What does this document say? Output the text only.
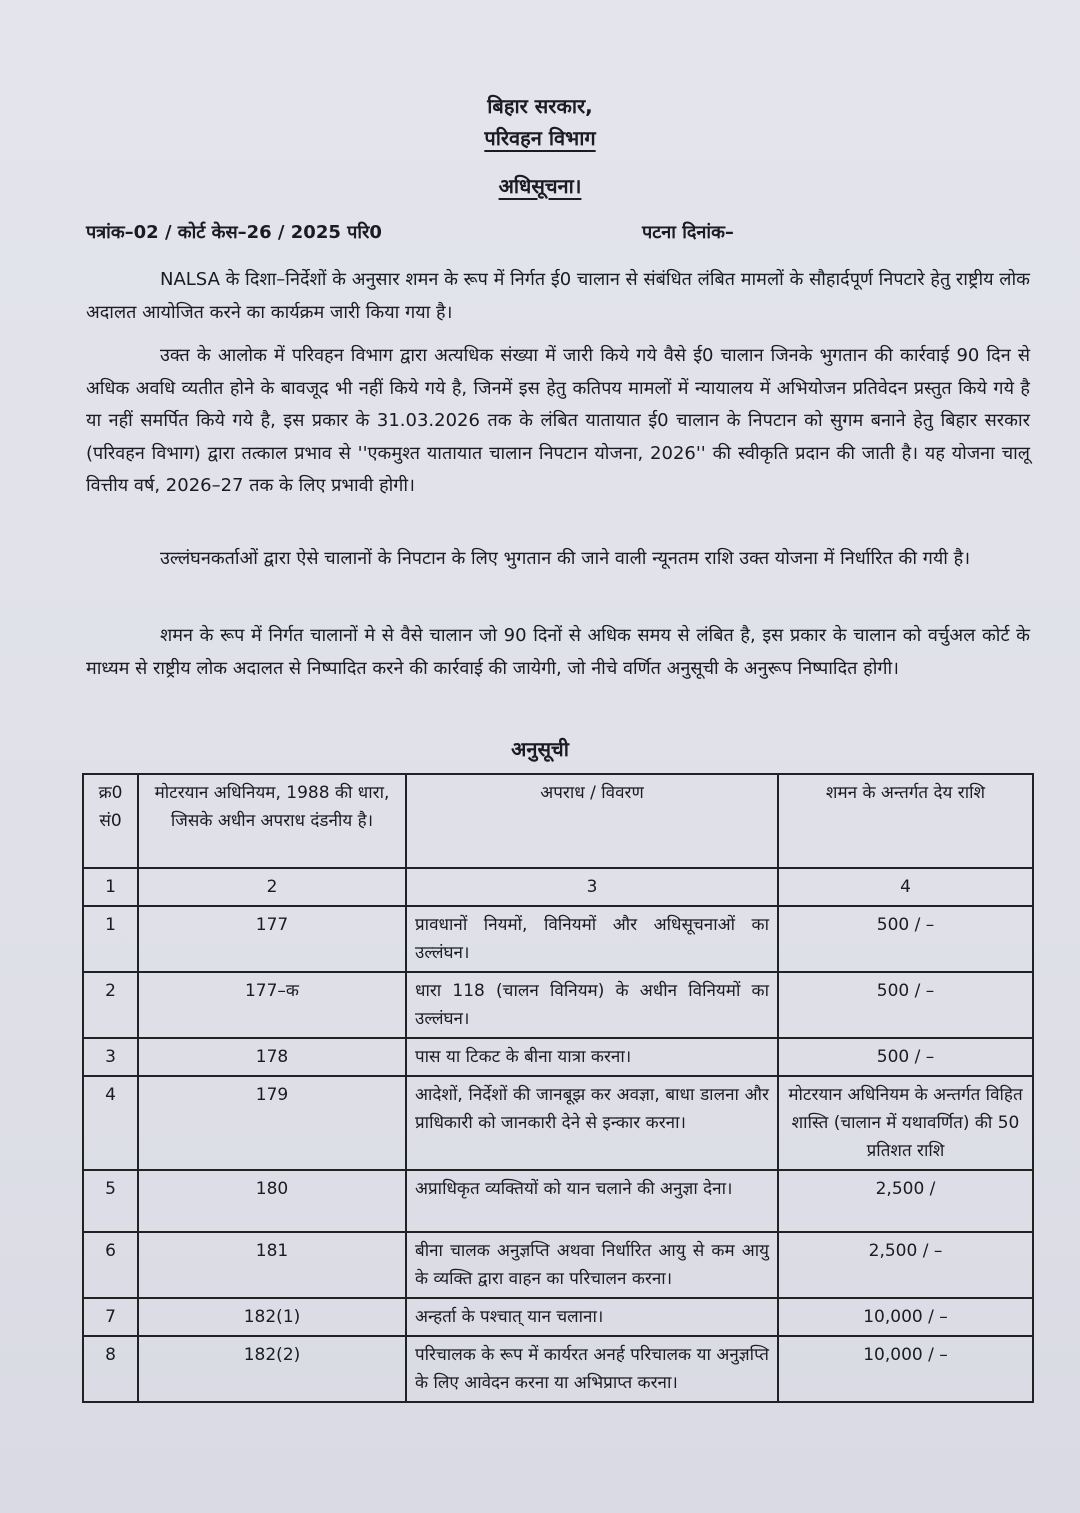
बिहार सरकार,
परिवहन विभाग
अधिसूचना।
पत्रांक–02 / कोर्ट केस–26 / 2025 परि0	पटना दिनांक–
NALSA के दिशा–निर्देशों के अनुसार शमन के रूप में निर्गत ई0 चालान से संबंधित लंबित मामलों के सौहार्दपूर्ण निपटारे हेतु राष्ट्रीय लोक अदालत आयोजित करने का कार्यक्रम जारी किया गया है।
उक्त के आलोक में परिवहन विभाग द्वारा अत्यधिक संख्या में जारी किये गये वैसे ई0 चालान जिनके भुगतान की कार्रवाई 90 दिन से अधिक अवधि व्यतीत होने के बावजूद भी नहीं किये गये है, जिनमें इस हेतु कतिपय मामलों में न्यायालय में अभियोजन प्रतिवेदन प्रस्तुत किये गये है या नहीं समर्पित किये गये है, इस प्रकार के 31.03.2026 तक के लंबित यातायात ई0 चालान के निपटान को सुगम बनाने हेतु बिहार सरकार (परिवहन विभाग) द्वारा तत्काल प्रभाव से ''एकमुश्त यातायात चालान निपटान योजना, 2026'' की स्वीकृति प्रदान की जाती है। यह योजना चालू वित्तीय वर्ष, 2026–27 तक के लिए प्रभावी होगी।
उल्लंघनकर्ताओं द्वारा ऐसे चालानों के निपटान के लिए भुगतान की जाने वाली न्यूनतम राशि उक्त योजना में निर्धारित की गयी है।
शमन के रूप में निर्गत चालानों मे से वैसे चालान जो 90 दिनों से अधिक समय से लंबित है, इस प्रकार के चालान को वर्चुअल कोर्ट के माध्यम से राष्ट्रीय लोक अदालत से निष्पादित करने की कार्रवाई की जायेगी, जो नीचे वर्णित अनुसूची के अनुरूप निष्पादित होगी।
अनुसूची
क्र0 सं0	मोटरयान अधिनियम, 1988 की धारा, जिसके अधीन अपराध दंडनीय है।	अपराध / विवरण	शमन के अन्तर्गत देय राशि
1	2	3	4
1	177	प्रावधानों नियमों, विनियमों और अधिसूचनाओं का उल्लंघन।	500 / –
2	177–क	धारा 118 (चालन विनियम) के अधीन विनियमों का उल्लंघन।	500 / –
3	178	पास या टिकट के बीना यात्रा करना।	500 / –
4	179	आदेशों, निर्देशों की जानबूझ कर अवज्ञा, बाधा डालना और प्राधिकारी को जानकारी देने से इन्कार करना।	मोटरयान अधिनियम के अन्तर्गत विहित शास्ति (चालान में यथावर्णित) की 50 प्रतिशत राशि
5	180	अप्राधिकृत व्यक्तियों को यान चलाने की अनुज्ञा देना।	2,500 /
6	181	बीना चालक अनुज्ञप्ति अथवा निर्धारित आयु से कम आयु के व्यक्ति द्वारा वाहन का परिचालन करना।	2,500 / –
7	182(1)	अन्हर्ता के पश्चात् यान चलाना।	10,000 / –
8	182(2)	परिचालक के रूप में कार्यरत अनर्ह परिचालक या अनुज्ञप्ति के लिए आवेदन करना या अभिप्राप्त करना।	10,000 / –
